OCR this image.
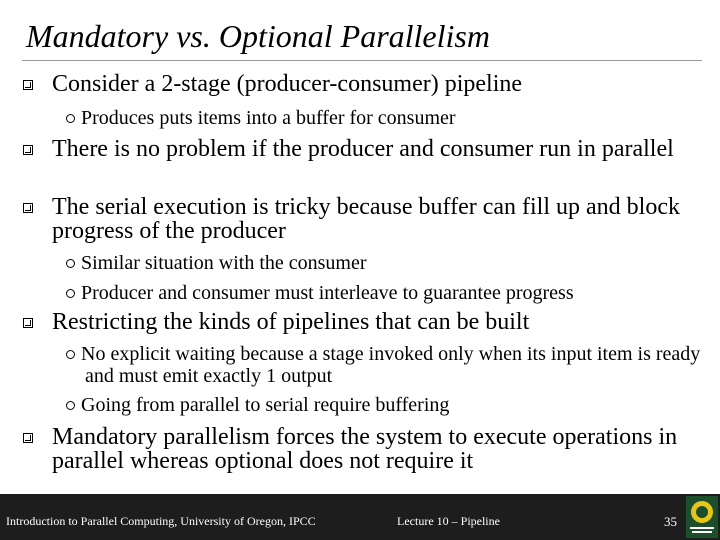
Mandatory vs. Optional Parallelism
Consider a 2-stage (producer-consumer) pipeline
Produces puts items into a buffer for consumer
There is no problem if the producer and consumer run in parallel
The serial execution is tricky because buffer can fill up and block progress of the producer
Similar situation with the consumer
Producer and consumer must interleave to guarantee progress
Restricting the kinds of pipelines that can be built
No explicit waiting because a stage invoked only when its input item is ready and must emit exactly 1 output
Going from parallel to serial require buffering
Mandatory parallelism forces the system to execute operations in parallel whereas optional does not require it
Introduction to Parallel Computing, University of Oregon, IPCC	Lecture 10 – Pipeline	35
